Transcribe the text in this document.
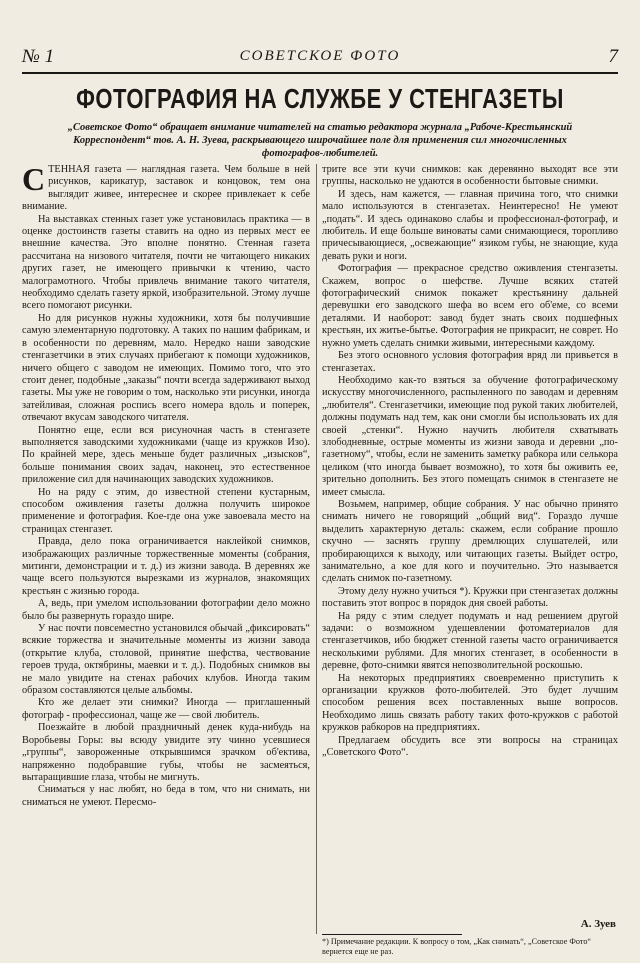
№ 1	СОВЕТСКОЕ ФОТО	7
ФОТОГРАФИЯ НА СЛУЖБЕ У СТЕНГАЗЕТЫ
„Советское Фото“ обращает внимание читателей на статью редактора журнала „Рабоче-Крестьянский Корреспондент“ тов. А. Н. Зуева, раскрывающего широчайшее поле для применения сил многочисленных фотографов-любителей.

СТЕННАЯ газета — наглядная газета. Чем больше в ней рисунков, карикатур, заставок и концовок, тем она выглядит живее, интереснее и скорее привлекает к себе внимание.

На выставках стенных газет уже установилась практика — в оценке достоинств газеты ставить на одно из первых мест ее внешние качества. Это вполне понятно. Стенная газета рассчитана на низового читателя, почти не читающего никаких других газет, не имеющего привычки к чтению, часто малограмотного. Чтобы привлечь внимание такого читателя, необходимо сделать газету яркой, изобразительной. Этому лучше всего помогают рисунки.

Но для рисунков нужны художники, хотя бы получившие самую элементарную подготовку. А таких по нашим фабрикам, и в особенности по деревням, мало. Нередко наши заводские стенгазетчики в этих случаях прибегают к помощи художников, ничего общего с заводом не имеющих. Помимо того, что это стоит денег, подобные „заказы“ почти всегда задерживают выход газеты. Мы уже не говорим о том, насколько эти рисунки, иногда затейливая, сложная роспись всего номера вдоль и поперек, отвечают вкусам заводского читателя.

Понятно еще, если вся рисуночная часть в стенгазете выполняется заводскими художниками (чаще из кружков Изо). По крайней мере, здесь меньше будет различных „изысков“, больше понимания своих задач, наконец, это естественное приложение сил для начинающих заводских художников.

Но на ряду с этим, до известной степени кустарным, способом оживления газеты должна получить широкое применение и фотография. Кое-где она уже завоевала место на страницах стенгазет.

Правда, дело пока ограничивается наклейкой снимков, изображающих различные торжественные моменты (собрания, митинги, демонстрации и т. д.) из жизни завода. В деревнях же чаще всего пользуются вырезками из журналов, знакомящих крестьян с жизнью города.

А, ведь, при умелом использовании фотографии дело можно было бы развернуть гораздо шире.

У нас почти повсеместно установился обычай „фиксировать“ всякие торжества и значительные моменты из жизни завода (открытие клуба, столовой, принятие шефства, чествование героев труда, октябрины, маевки и т. д.). Подобных снимков вы не мало увидите на стенах рабочих клубов. Иногда таким образом составляются целые альбомы.

Кто же делает эти снимки? Иногда — приглашенный фотограф - профессионал, чаще же — свой любитель.

Поезжайте в любой праздничный денек куда-нибудь на Воробьевы Горы: вы всюду увидите эту чинно усевшиеся „группы“, завороженные открывшимся зрачком об'ектива, напряженно подобравшие губы, чтобы не засмеяться, вытаращившие глаза, чтобы не мигнуть.

Сниматься у нас любят, но беда в том, что ни снимать, ни сниматься не умеют. Пересмо-

трите все эти кучи снимков: как деревянно выходят все эти группы, насколько не удаются в особенности бытовые снимки.

И здесь, нам кажется, — главная причина того, что снимки мало используются в стенгазетах. Неинтересно! Не умеют „подать“. И здесь одинаково слабы и профессионал-фотограф, и любитель. И еще больше виноваты сами снимающиеся, торопливо причесывающиеся, „освежающие“ язиком губы, не знающие, куда девать руки и ноги.

Фотография — прекрасное средство оживления стенгазеты. Скажем, вопрос о шефстве. Лучше всяких статей фотографический снимок покажет крестьянину дальней деревушки его заводского шефа во всем его об'еме, со всеми деталями. И наоборот: завод будет знать своих подшефных крестьян, их житье-бытье. Фотография не прикрасит, не соврет. Но нужно уметь сделать снимки живыми, интересными каждому.

Без этого основного условия фотография вряд ли привьется в стенгазетах.

Необходимо как-то взяться за обучение фотографическому искусству многочисленного, распыленного по заводам и деревням „любителя“. Стенгазетчики, имеющие под рукой таких любителей, должны подумать над тем, как они смогли бы использовать их для своей „стенки“. Нужно научить любителя схватывать злободневные, острые моменты из жизни завода и деревни „по-газетному“, чтобы, если не заменить заметку рабкора или селькора целиком (что иногда бывает возможно), то хотя бы оживить ее, зрительно дополнить. Без этого помещать снимок в стенгазете не имеет смысла.

Возьмем, например, общие собрания. У нас обычно принято снимать ничего не говорящий „общий вид“. Гораздо лучше выделить характерную деталь: скажем, если собрание прошло скучно — заснять группу дремлющих слушателей, или пробирающихся к выходу, или читающих газеты. Выйдет остро, занимательно, а кое для кого и поучительно. Это называется сделать снимок по-газетному.

Этому делу нужно учиться *). Кружки при стенгазетах должны поставить этот вопрос в порядок дня своей работы.

На ряду с этим следует подумать и над решением другой задачи: о возможном удешевлении фотоматериалов для стенгазетчиков, ибо бюджет стенной газеты часто ограничивается несколькими рублями. Для многих стенгазет, в особенности в деревне, фото-снимки явятся непозволительной роскошью.

На некоторых предприятиях своевременно приступить к организации кружков фото-любителей. Это будет лучшим способом решения всех поставленных выше вопросов. Необходимо лишь связать работу таких фото-кружков с работой кружков рабкоров на предприятиях.

Предлагаем обсудить все эти вопросы на страницах „Советского Фото“.

А. Зуев
*) Примечание редакции. К вопросу о том, „Как снимать“, „Советское Фото“ вернется еще не раз.
